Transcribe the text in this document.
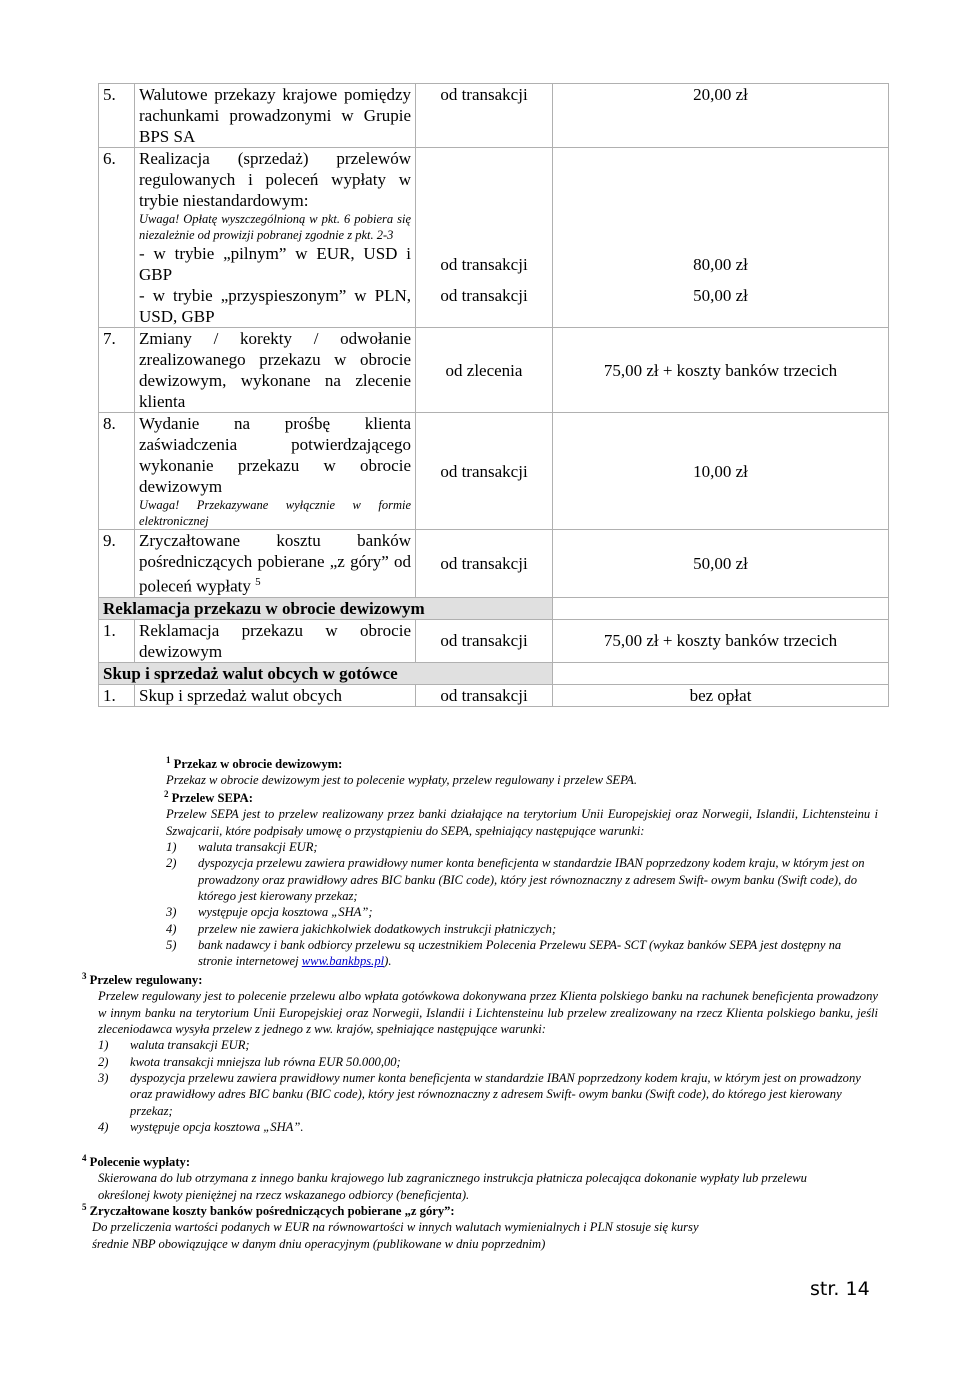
5.	Walutowe przekazy krajowe pomiędzy rachunkami prowadzonymi w Grupie BPS SA	od transakcji	20,00 zł
6.	Realizacja (sprzedaż) przelewów regulowanych i poleceń wypłaty w trybie niestandardowym:
Uwaga! Opłatę wyszczególnioną w pkt. 6 pobiera się niezależnie od prowizji pobranej zgodnie z pkt. 2-3		

	- w trybie „pilnym” w EUR, USD i GBP	od transakcji	80,00 zł
	- w trybie „przyspieszonym” w PLN, USD, GBP	od transakcji	50,00 zł
7.	Zmiany / korekty / odwołanie zrealizowanego przekazu w obrocie dewizowym, wykonane na zlecenie klienta	od zlecenia	75,00 zł + koszty banków trzecich
8.	Wydanie na prośbę klienta zaświadczenia potwierdzającego wykonanie przekazu w obrocie dewizowym
Uwaga! Przekazywane wyłącznie w formie elektronicznej	od transakcji	10,00 zł
9.	Zryczałtowane kosztu banków pośredniczących pobierane „z góry” od poleceń wypłaty $^5$	od transakcji	50,00 zł
Reklamacja przekazu w obrocie dewizowym			
1.	Reklamacja przekazu w obrocie dewizowym	od transakcji	75,00 zł + koszty banków trzecich
Skup i sprzedaż walut obcych w gotówce			
1.	Skup i sprzedaż walut obcych	od transakcji	bez opłat

$^1$ Przekaz w obrocie dewizowym:

Przekaz w obrocie dewizowym jest to polecenie wypłaty, przelew regulowany i przelew SEPA.

$^2$ Przelew SEPA:

Przelew SEPA jest to przelew realizowany przez banki działające na terytorium Unii Europejskiej oraz Norwegii, Islandii, Lichtensteinu i Szwajcarii, które podpisały umowę o przystąpieniu do SEPA, spełniający następujące warunki:

1) waluta transakcji EUR;
2) dyspozycja przelewu zawiera prawidłowy numer konta beneficjenta w standardzie IBAN poprzedzony kodem kraju, w którym jest on prowadzony oraz prawidłowy adres BIC banku (BIC code), który jest równoznaczny z adresem Swift- owym banku (Swift code), do którego jest kierowany przekaz;
3) występuje opcja kosztowa „SHA”;
4) przelew nie zawiera jakichkolwiek dodatkowych instrukcji płatniczych;
5) bank nadawcy i bank odbiorcy przelewu są uczestnikiem Polecenia Przelewu SEPA- SCT (wykaz banków SEPA jest dostępny na stronie internetowej www.bankbps.pl).

$^3$ Przelew regulowany:

Przelew regulowany jest to polecenie przelewu albo wpłata gotówkowa dokonywana przez Klienta polskiego banku na rachunek beneficjenta prowadzony w innym banku na terytorium Unii Europejskiej oraz Norwegii, Islandii i Lichtensteinu lub przelew zrealizowany na rzecz Klienta polskiego banku, jeśli zleceniodawca wysyła przelew z jednego z ww. krajów, spełniające następujące warunki:

1) waluta transakcji EUR;
2) kwota transakcji mniejsza lub równa EUR 50.000,00;
3) dyspozycja przelewu zawiera prawidłowy numer konta beneficjenta w standardzie IBAN poprzedzony kodem kraju, w którym jest on prowadzony oraz prawidłowy adres BIC banku (BIC code), który jest równoznaczny z adresem Swift- owym banku (Swift code), do którego jest kierowany przekaz;
4) występuje opcja kosztowa „SHA”.

$^4$ Polecenie wypłaty:

Skierowana do lub otrzymana z innego banku krajowego lub zagranicznego instrukcja płatnicza polecająca dokonanie wypłaty lub przelewu określonej kwoty pieniężnej na rzecz wskazanego odbiorcy (beneficjenta).

$^5$ Zryczałtowane koszty banków pośredniczących pobierane „z góry”:

Do przeliczenia wartości podanych w EUR na równowartości w innych walutach wymienialnych i PLN stosuje się kursy średnie NBP obowiązujące w danym dniu operacyjnym (publikowane w dniu poprzednim)

str. 14
